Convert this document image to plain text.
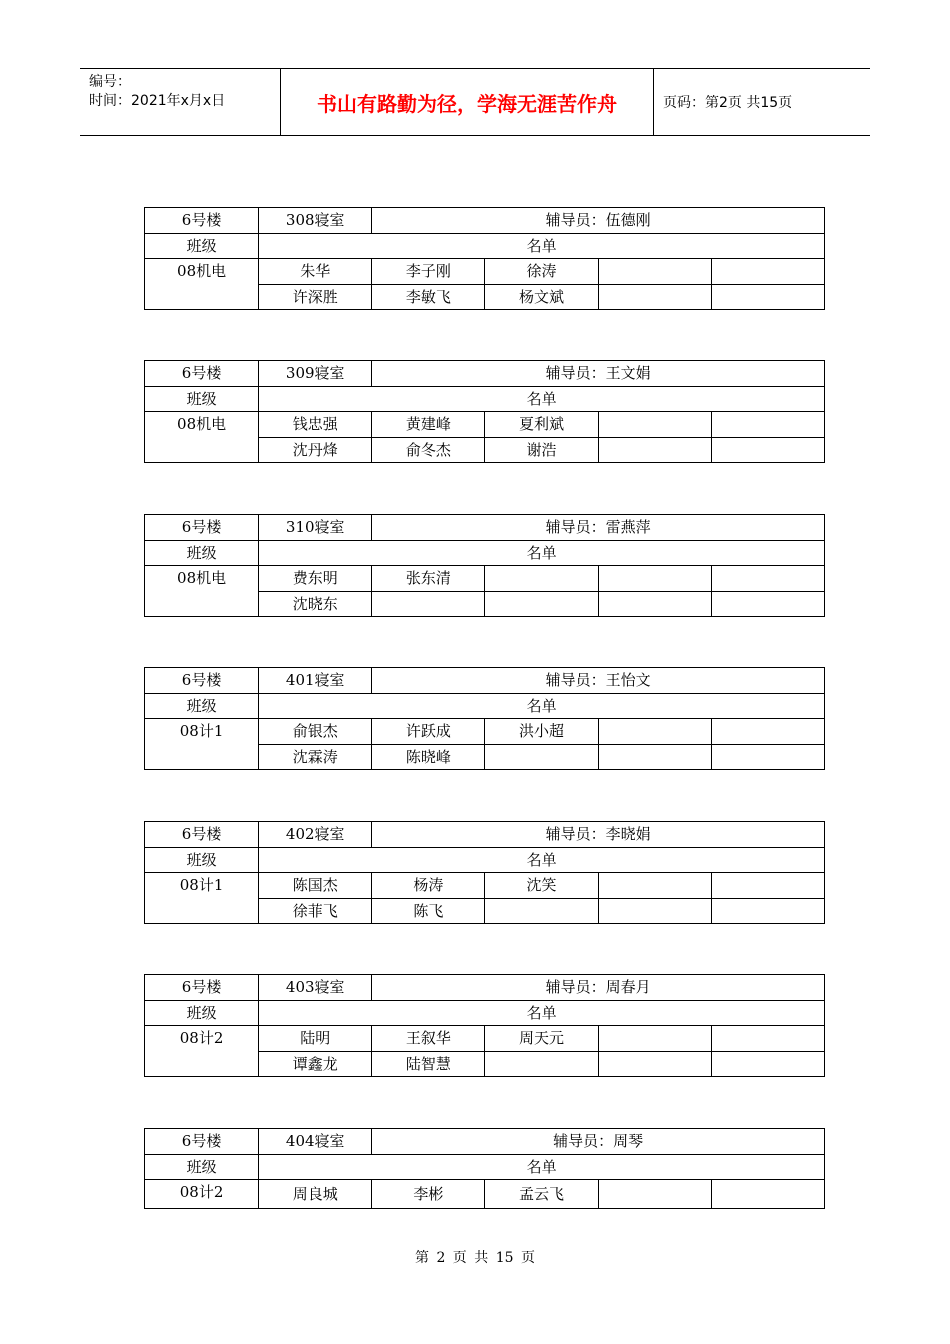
编号：
时间：2021年x月x日	书山有路勤为径，学海无涯苦作舟	页码：第2页 共15页
6号楼	308寝室	辅导员：伍德刚			
班级	名单				
08机电	朱华	李子刚	徐涛		
	许深胜	李敏飞	杨文斌		
6号楼	309寝室	辅导员：王文娟			
班级	名单				
08机电	钱忠强	黄建峰	夏利斌		
	沈丹烽	俞冬杰	谢浩		
6号楼	310寝室	辅导员：雷燕萍			
班级	名单				
08机电	费东明	张东清			
	沈晓东				
6号楼	401寝室	辅导员：王怡文			
班级	名单				
08计1	俞银杰	许跃成	洪小超		
	沈霖涛	陈晓峰			
6号楼	402寝室	辅导员：李晓娟			
班级	名单				
08计1	陈国杰	杨涛	沈笑		
	徐菲飞	陈飞			
6号楼	403寝室	辅导员：周春月			
班级	名单				
08计2	陆明	王叙华	周天元		
	谭鑫龙	陆智慧			
6号楼	404寝室	辅导员：周琴			
班级	名单				
08计2	周良城	李彬	孟云飞		
第 2 页 共 15 页
